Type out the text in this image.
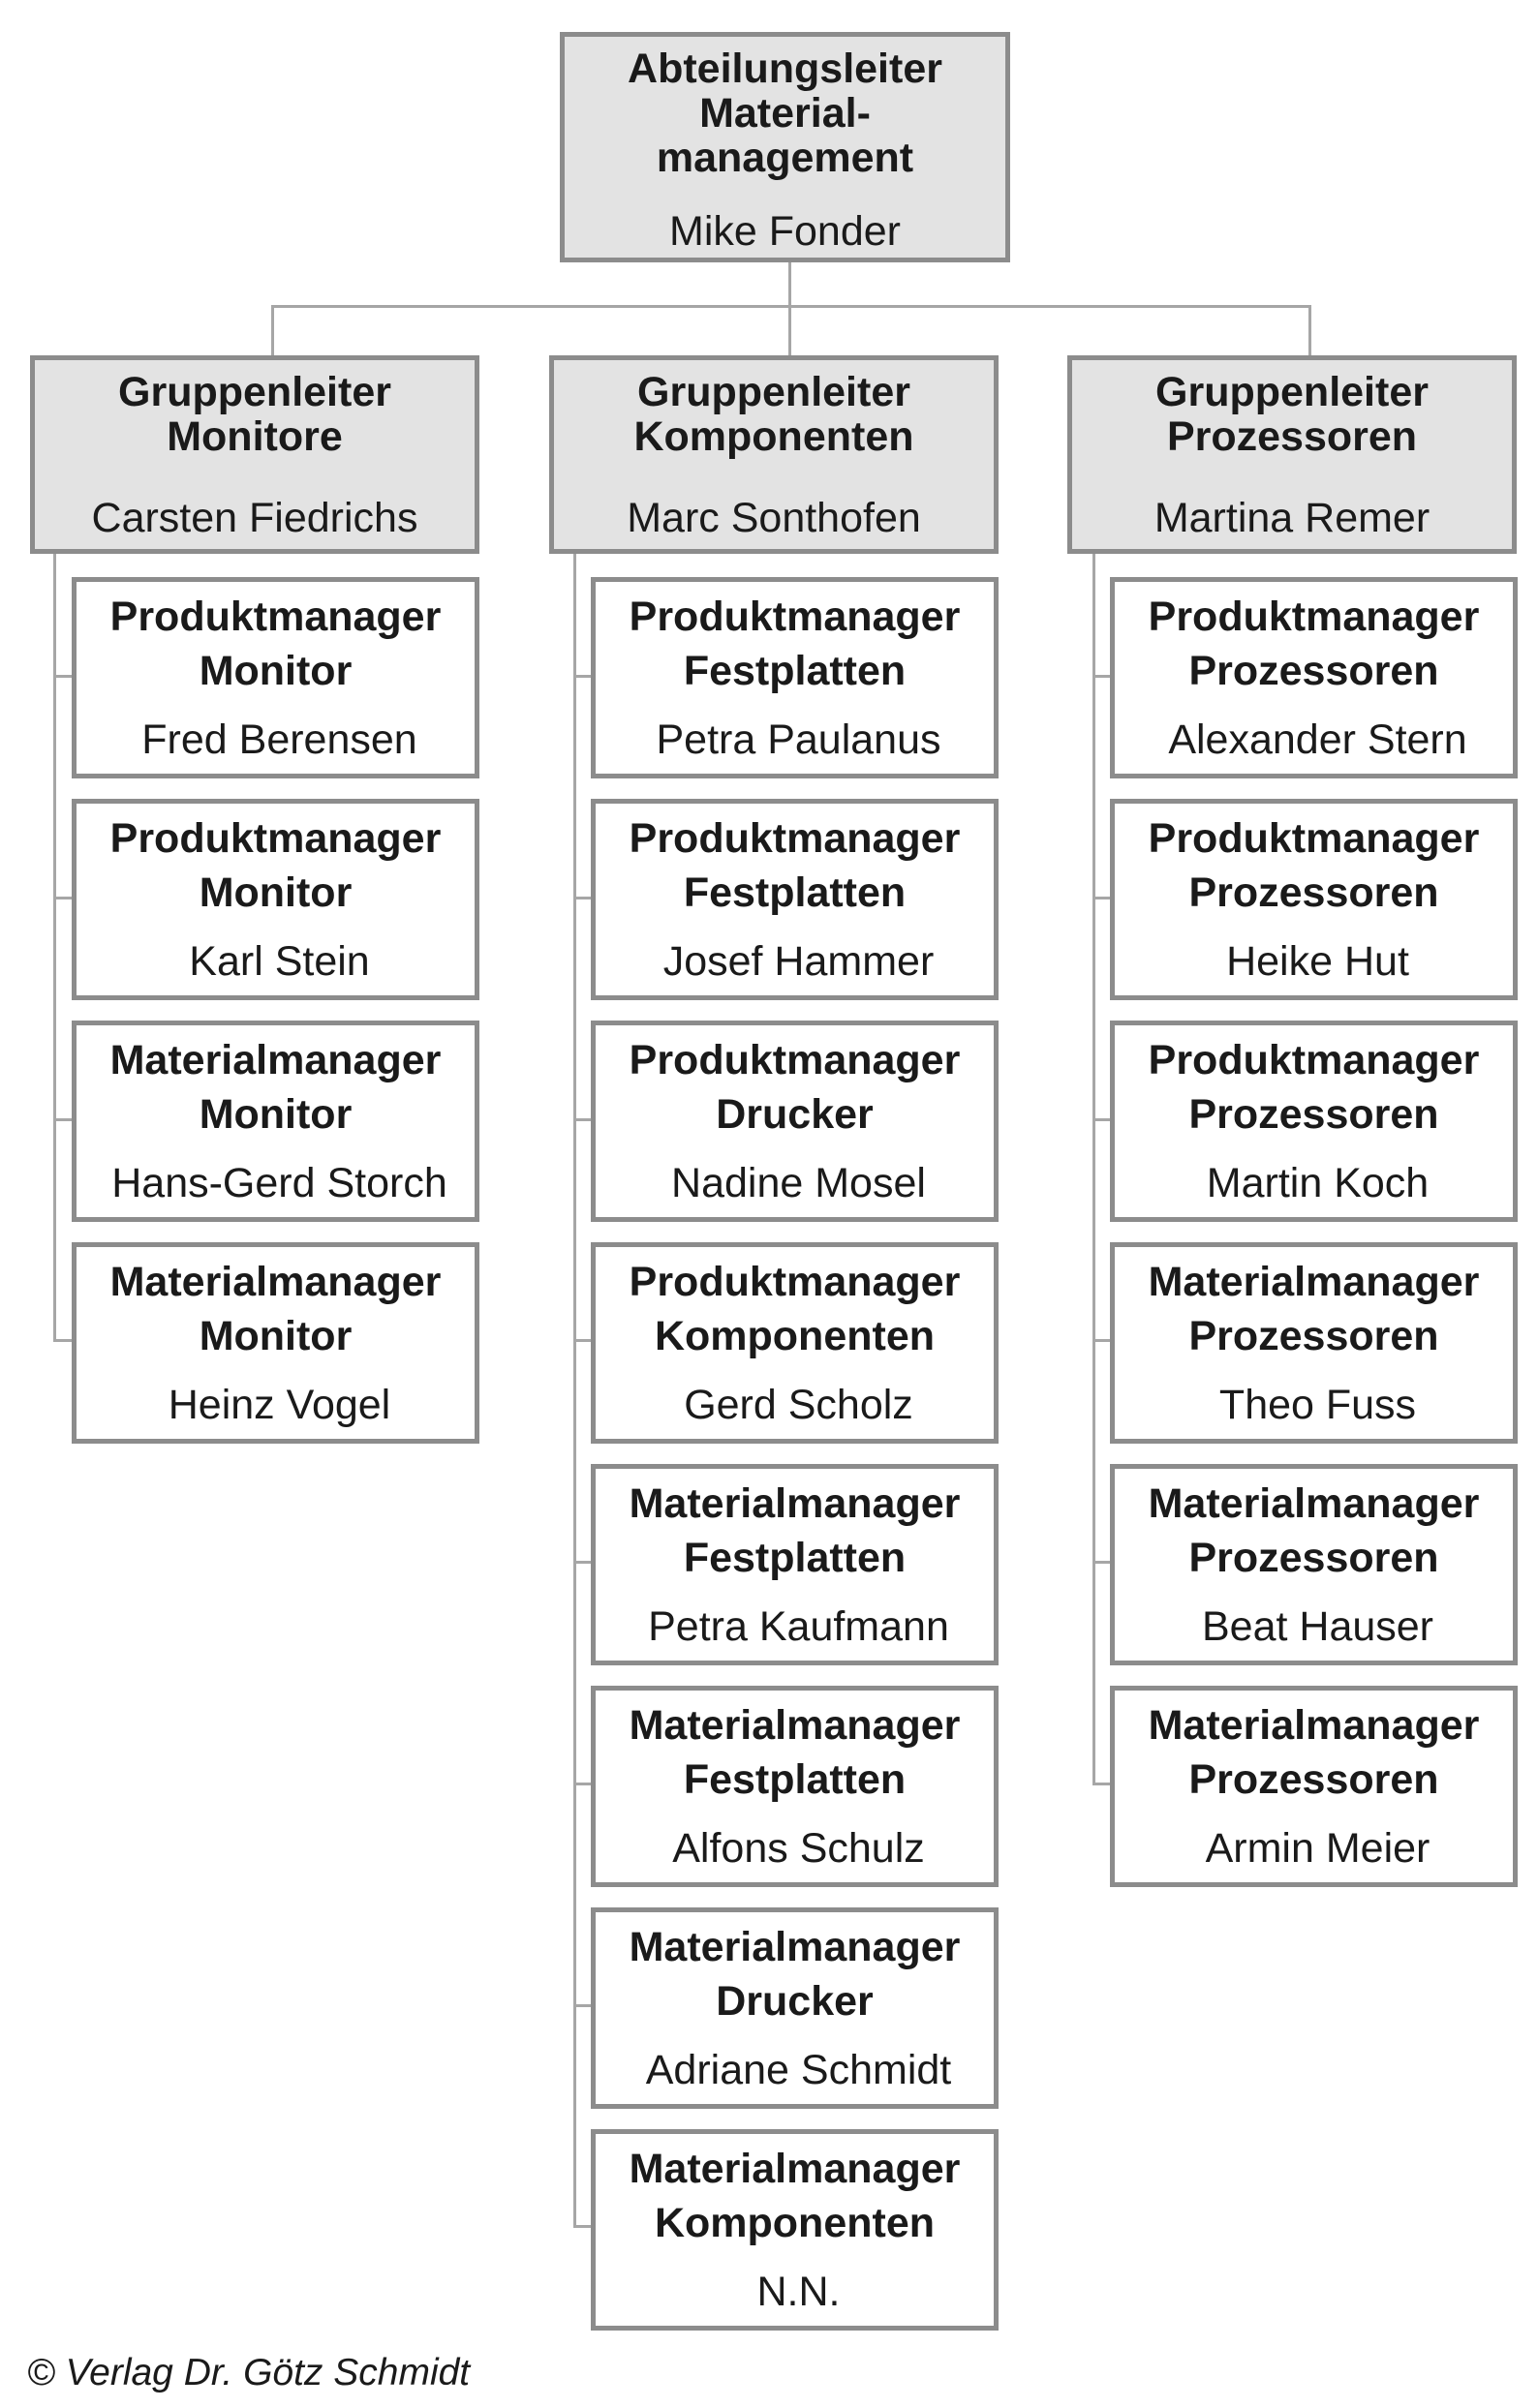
Abteilungsleiter Material-
management
Mike Fonder
Gruppenleiter Monitore
Carsten Fiedrichs
Gruppenleiter Komponenten
Marc Sonthofen
Gruppenleiter Prozessoren
Martina Remer
Produktmanager Monitor
Fred Berensen
Produktmanager Monitor
Karl Stein
Materialmanager Monitor
Hans-Gerd Storch
Materialmanager Monitor
Heinz Vogel
Produktmanager Festplatten
Petra Paulanus
Produktmanager Festplatten
Josef Hammer
Produktmanager Drucker
Nadine Mosel
Produktmanager Komponenten
Gerd Scholz
Materialmanager Festplatten
Petra Kaufmann
Materialmanager Festplatten
Alfons Schulz
Materialmanager Drucker
Adriane Schmidt
Materialmanager Komponenten
N.N.
Produktmanager Prozessoren
Alexander Stern
Produktmanager Prozessoren
Heike Hut
Produktmanager Prozessoren
Martin Koch
Materialmanager Prozessoren
Theo Fuss
Materialmanager Prozessoren
Beat Hauser
Materialmanager Prozessoren
Armin Meier
© Verlag Dr. Götz Schmidt
